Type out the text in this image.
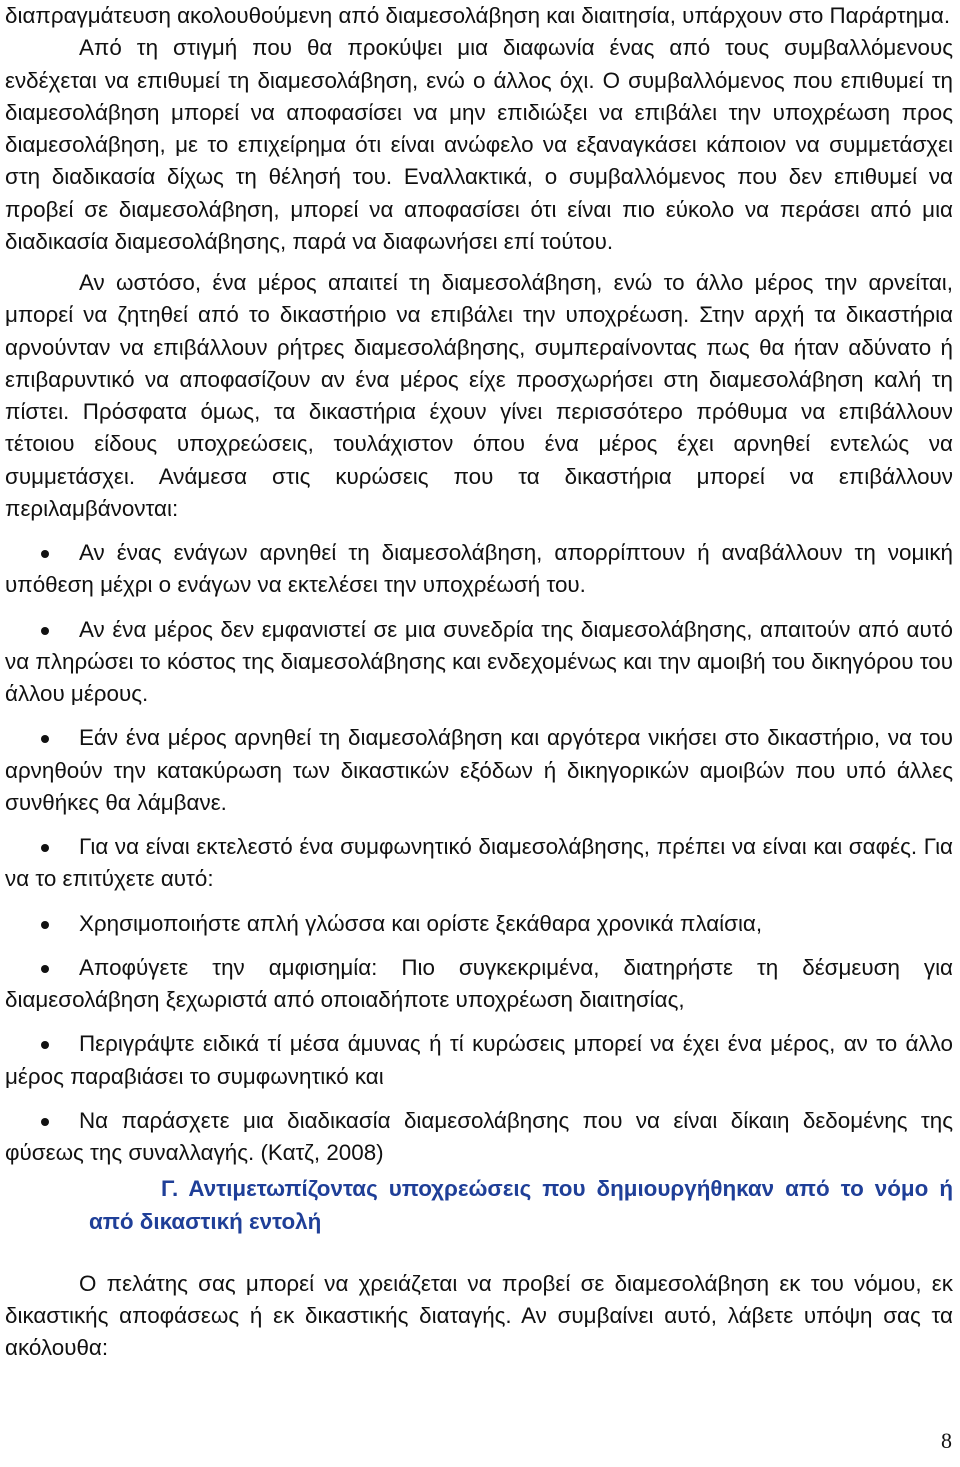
διαπραγμάτευση ακολουθούμενη από διαμεσολάβηση και διαιτησία, υπάρχουν στο Παράρτημα.

Από τη στιγμή που θα προκύψει μια διαφωνία ένας από τους συμβαλλόμενους ενδέχεται να επιθυμεί τη διαμεσολάβηση, ενώ ο άλλος όχι. Ο συμβαλλόμενος που επιθυμεί τη διαμεσολάβηση μπορεί να αποφασίσει να μην επιδιώξει να επιβάλει την υποχρέωση προς διαμεσολάβηση, με το επιχείρημα ότι είναι ανώφελο να εξαναγκάσει κάποιον να συμμετάσχει στη διαδικασία δίχως τη θέλησή του. Εναλλακτικά, ο συμβαλλόμενος που δεν επιθυμεί να προβεί σε διαμεσολάβηση, μπορεί να αποφασίσει ότι είναι πιο εύκολο να περάσει από μια διαδικασία διαμεσολάβησης, παρά να διαφωνήσει επί τούτου.

Αν ωστόσο, ένα μέρος απαιτεί τη διαμεσολάβηση, ενώ το άλλο μέρος την αρνείται, μπορεί να ζητηθεί από το δικαστήριο να επιβάλει την υποχρέωση. Στην αρχή τα δικαστήρια αρνούνταν να επιβάλλουν ρήτρες διαμεσολάβησης, συμπεραίνοντας πως θα ήταν αδύνατο ή επιβαρυντικό να αποφασίζουν αν ένα μέρος είχε προσχωρήσει στη διαμεσολάβηση καλή τη πίστει. Πρόσφατα όμως, τα δικαστήρια έχουν γίνει περισσότερο πρόθυμα να επιβάλλουν τέτοιου είδους υποχρεώσεις, τουλάχιστον όπου ένα μέρος έχει αρνηθεί εντελώς να συμμετάσχει. Ανάμεσα στις κυρώσεις που τα δικαστήρια μπορεί να επιβάλλουν περιλαμβάνονται:

Αν ένας ενάγων αρνηθεί τη διαμεσολάβηση, απορρίπτουν ή αναβάλλουν τη νομική υπόθεση μέχρι ο ενάγων να εκτελέσει την υποχρέωσή του.

Αν ένα μέρος δεν εμφανιστεί σε μια συνεδρία της διαμεσολάβησης, απαιτούν από αυτό να πληρώσει το κόστος της διαμεσολάβησης και ενδεχομένως και την αμοιβή του δικηγόρου του άλλου μέρους.

Εάν ένα μέρος αρνηθεί τη διαμεσολάβηση και αργότερα νικήσει στο δικαστήριο, να του αρνηθούν την κατακύρωση των δικαστικών εξόδων ή δικηγορικών αμοιβών που υπό άλλες συνθήκες θα λάμβανε.

Για να είναι εκτελεστό ένα συμφωνητικό διαμεσολάβησης, πρέπει να είναι και σαφές. Για να το επιτύχετε αυτό:

Χρησιμοποιήστε απλή γλώσσα και ορίστε ξεκάθαρα χρονικά πλαίσια,

Αποφύγετε την αμφισημία: Πιο συγκεκριμένα, διατηρήστε τη δέσμευση για διαμεσολάβηση ξεχωριστά από οποιαδήποτε υποχρέωση διαιτησίας,

Περιγράψτε ειδικά τί μέσα άμυνας ή τί κυρώσεις μπορεί να έχει ένα μέρος, αν το άλλο μέρος παραβιάσει το συμφωνητικό και

Να παράσχετε μια διαδικασία διαμεσολάβησης που να είναι δίκαιη δεδομένης της φύσεως της συναλλαγής. (Κατζ, 2008)

Γ. Αντιμετωπίζοντας υποχρεώσεις που δημιουργήθηκαν από το νόμο ή από δικαστική εντολή

Ο πελάτης σας μπορεί να χρειάζεται να προβεί σε διαμεσολάβηση εκ του νόμου, εκ δικαστικής αποφάσεως ή εκ δικαστικής διαταγής. Αν συμβαίνει αυτό, λάβετε υπόψη σας τα ακόλουθα:

8
